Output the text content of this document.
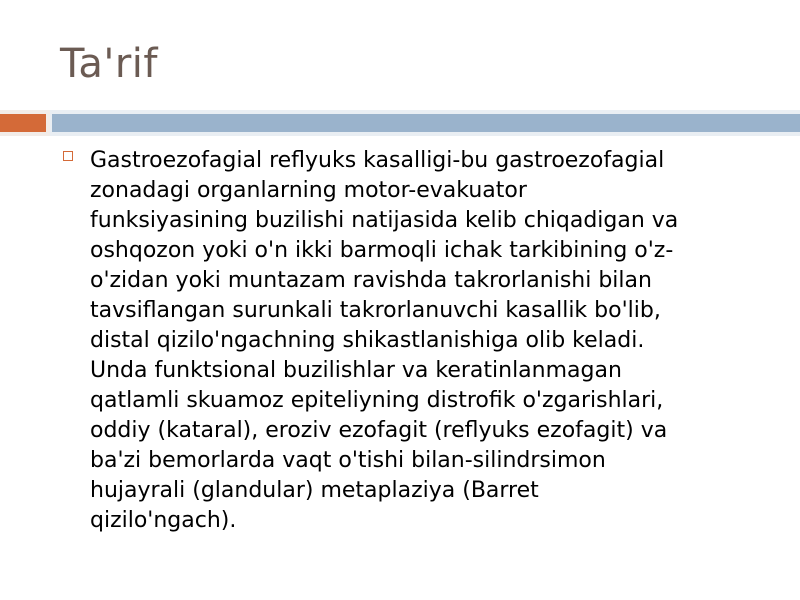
Ta'rif
Gastroezofagial reflyuks kasalligi-bu gastroezofagial
zonadagi organlarning motor-evakuator
funksiyasining buzilishi natijasida kelib chiqadigan va
oshqozon yoki o'n ikki barmoqli ichak tarkibining o'z-
o'zidan yoki muntazam ravishda takrorlanishi bilan
tavsiflangan surunkali takrorlanuvchi kasallik bo'lib,
distal qizilo'ngachning shikastlanishiga olib keladi.
Unda funktsional buzilishlar va keratinlanmagan
qatlamli skuamoz epiteliyning distrofik o'zgarishlari,
oddiy (kataral), eroziv ezofagit (reflyuks ezofagit) va
ba'zi bemorlarda vaqt o'tishi bilan-silindrsimon
hujayrali (glandular) metaplaziya (Barret
qizilo'ngach).
